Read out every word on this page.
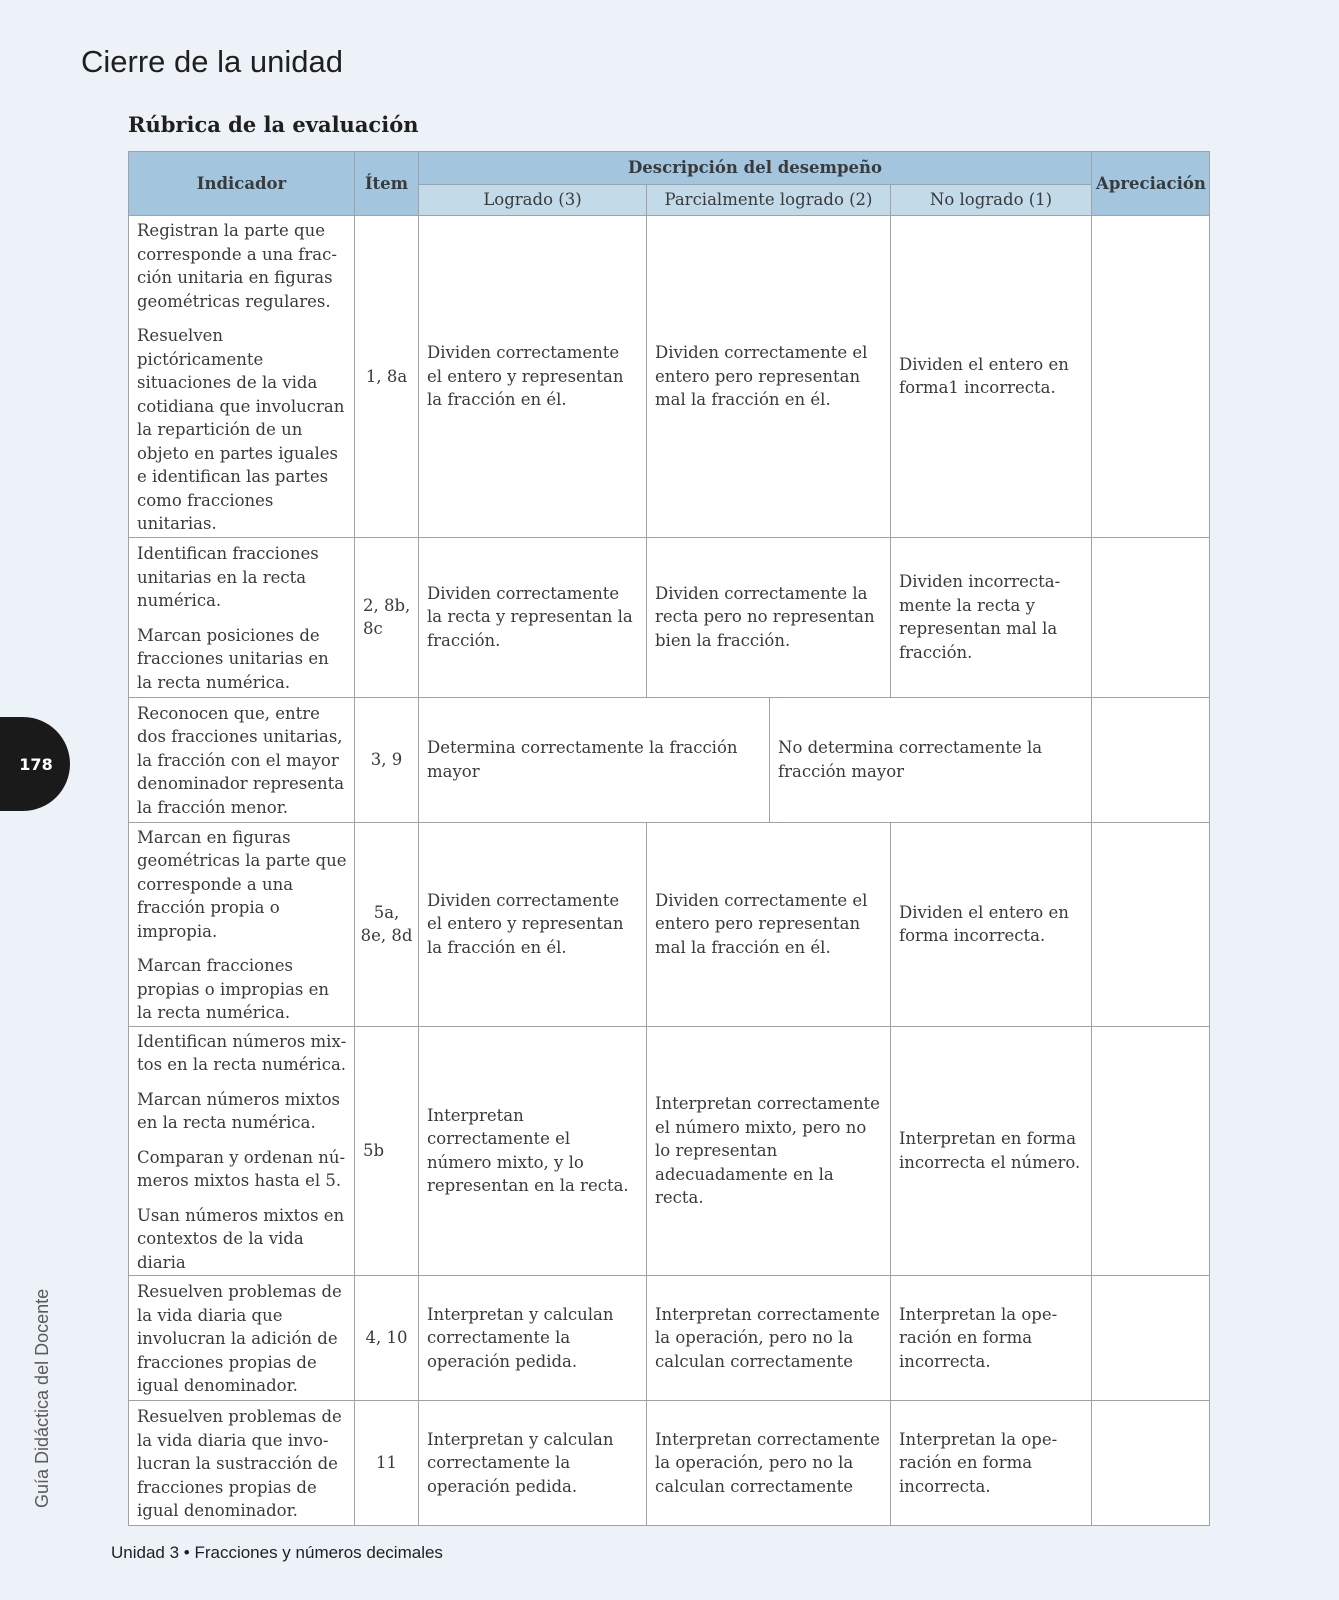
Cierre de la unidad
Rúbrica de la evaluación
Indicador	Ítem	Descripción del desempeño				Apreciación
		Logrado (3)	Parcialmente logrado (2)		No logrado (1)	

Registran la parte que corresponde a una fracción unitaria en figuras geométricas regulares.

Resuelven pictóricamente situaciones de la vida cotidiana que involucran la repartición de un objeto en partes iguales e identifican las partes como fracciones unitarias.	1, 8a	Dividen correctamente el entero y representan la fracción en él.	Dividen correctamente el entero pero representan mal la fracción en él.		Dividen el entero en forma1 incorrecta.	

Identifican fracciones unitarias en la recta numérica.

Marcan posiciones de fracciones unitarias en la recta numérica.	2, 8b, 8c	Dividen correctamente la recta y representan la fracción.	Dividen correctamente la recta pero no representan bien la fracción.		Dividen incorrectamente la recta y representan mal la fracción.	

Reconocen que, entre dos fracciones unitarias, la fracción con el mayor denominador representa la fracción menor.	3, 9	Determina correctamente la fracción mayor		No determina correctamente la fracción mayor		

Marcan en figuras geométricas la parte que corresponde a una fracción propia o impropia.

Marcan fracciones propias o impropias en la recta numérica.	5a, 8e, 8d	Dividen correctamente el entero y representan la fracción en él.	Dividen correctamente el entero pero representan mal la fracción en él.		Dividen el entero en forma incorrecta.	

Identifican números mixtos en la recta numérica.

Marcan números mixtos en la recta numérica.

Comparan y ordenan números mixtos hasta el 5.

Usan números mixtos en contextos de la vida diaria	5b	Interpretan correctamente el número mixto, y lo representan en la recta.	Interpretan correctamente el número mixto, pero no lo representan adecuadamente en la recta.		Interpretan en forma incorrecta el número.	

Resuelven problemas de la vida diaria que involucran la adición de fracciones propias de igual denominador.	4, 10	Interpretan y calculan correctamente la operación pedida.	Interpretan correctamente la operación, pero no la calculan correctamente		Interpretan la operación en forma incorrecta.	

Resuelven problemas de la vida diaria que involucran la sustracción de fracciones propias de igual denominador.	11	Interpretan y calculan correctamente la operación pedida.	Interpretan correctamente la operación, pero no la calculan correctamente		Interpretan la operación en forma incorrecta.	
178
Guía Didáctica del Docente
Unidad 3 • Fracciones y números decimales
